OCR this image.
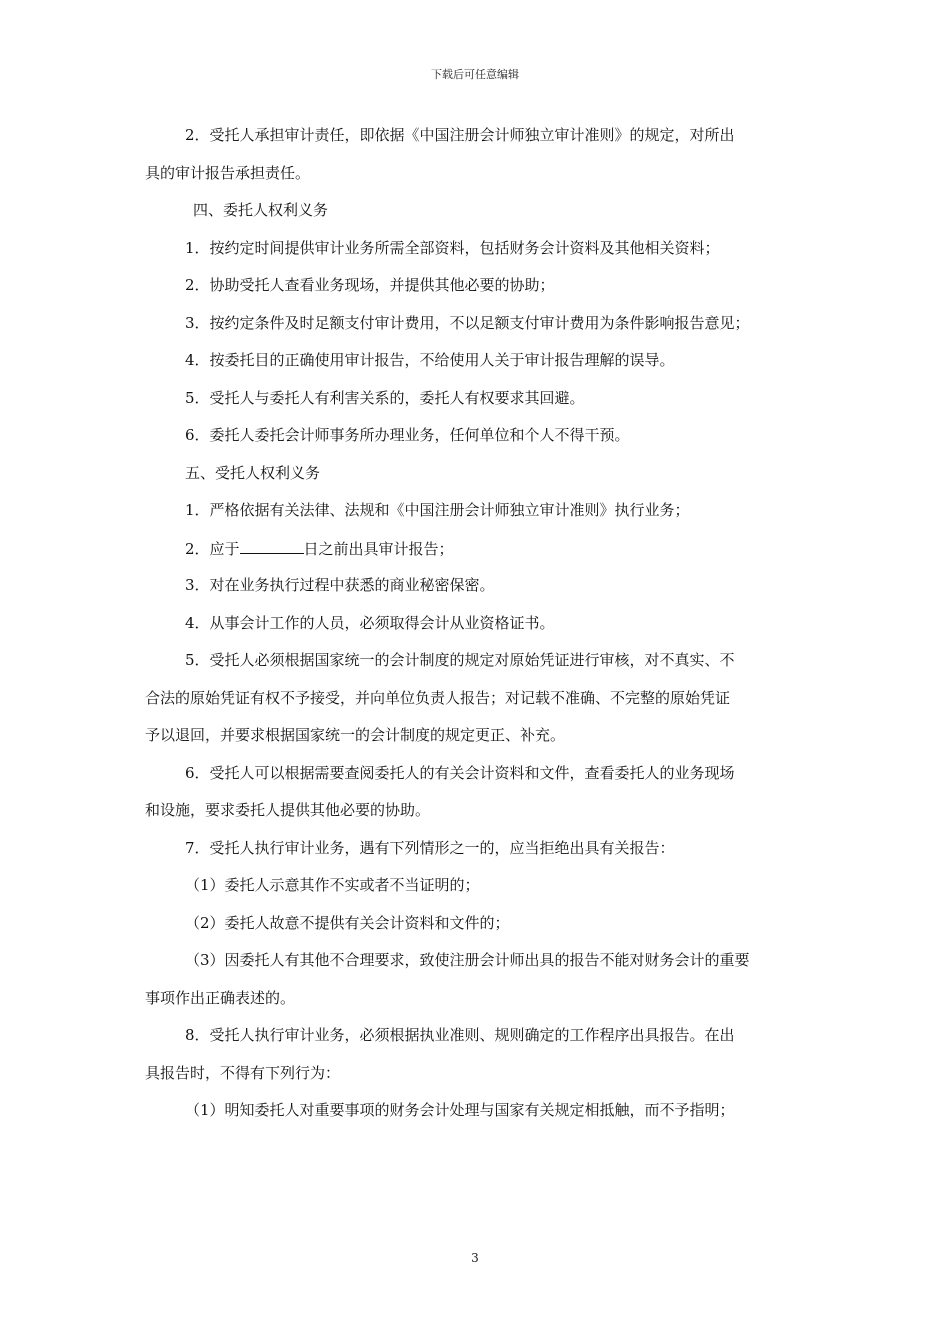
下载后可任意编辑
2．受托人承担审计责任，即依据《中国注册会计师独立审计准则》的规定，对所出
具的审计报告承担责任。
四、委托人权利义务
1．按约定时间提供审计业务所需全部资料，包括财务会计资料及其他相关资料；
2．协助受托人查看业务现场，并提供其他必要的协助；
3．按约定条件及时足额支付审计费用，不以足额支付审计费用为条件影响报告意见；
4．按委托目的正确使用审计报告，不给使用人关于审计报告理解的误导。
5．受托人与委托人有利害关系的，委托人有权要求其回避。
6．委托人委托会计师事务所办理业务，任何单位和个人不得干预。
五、受托人权利义务
1．严格依据有关法律、法规和《中国注册会计师独立审计准则》执行业务；
2．应于	日之前出具审计报告；
3．对在业务执行过程中获悉的商业秘密保密。
4．从事会计工作的人员，必须取得会计从业资格证书。
5．受托人必须根据国家统一的会计制度的规定对原始凭证进行审核，对不真实、不
合法的原始凭证有权不予接受，并向单位负责人报告；对记载不准确、不完整的原始凭证
予以退回，并要求根据国家统一的会计制度的规定更正、补充。
6．受托人可以根据需要查阅委托人的有关会计资料和文件，查看委托人的业务现场
和设施，要求委托人提供其他必要的协助。
7．受托人执行审计业务，遇有下列情形之一的，应当拒绝出具有关报告：
（1）委托人示意其作不实或者不当证明的；
（2）委托人故意不提供有关会计资料和文件的；
（3）因委托人有其他不合理要求，致使注册会计师出具的报告不能对财务会计的重要
事项作出正确表述的。
8．受托人执行审计业务，必须根据执业准则、规则确定的工作程序出具报告。在出
具报告时，不得有下列行为：
（1）明知委托人对重要事项的财务会计处理与国家有关规定相抵触，而不予指明；
3
